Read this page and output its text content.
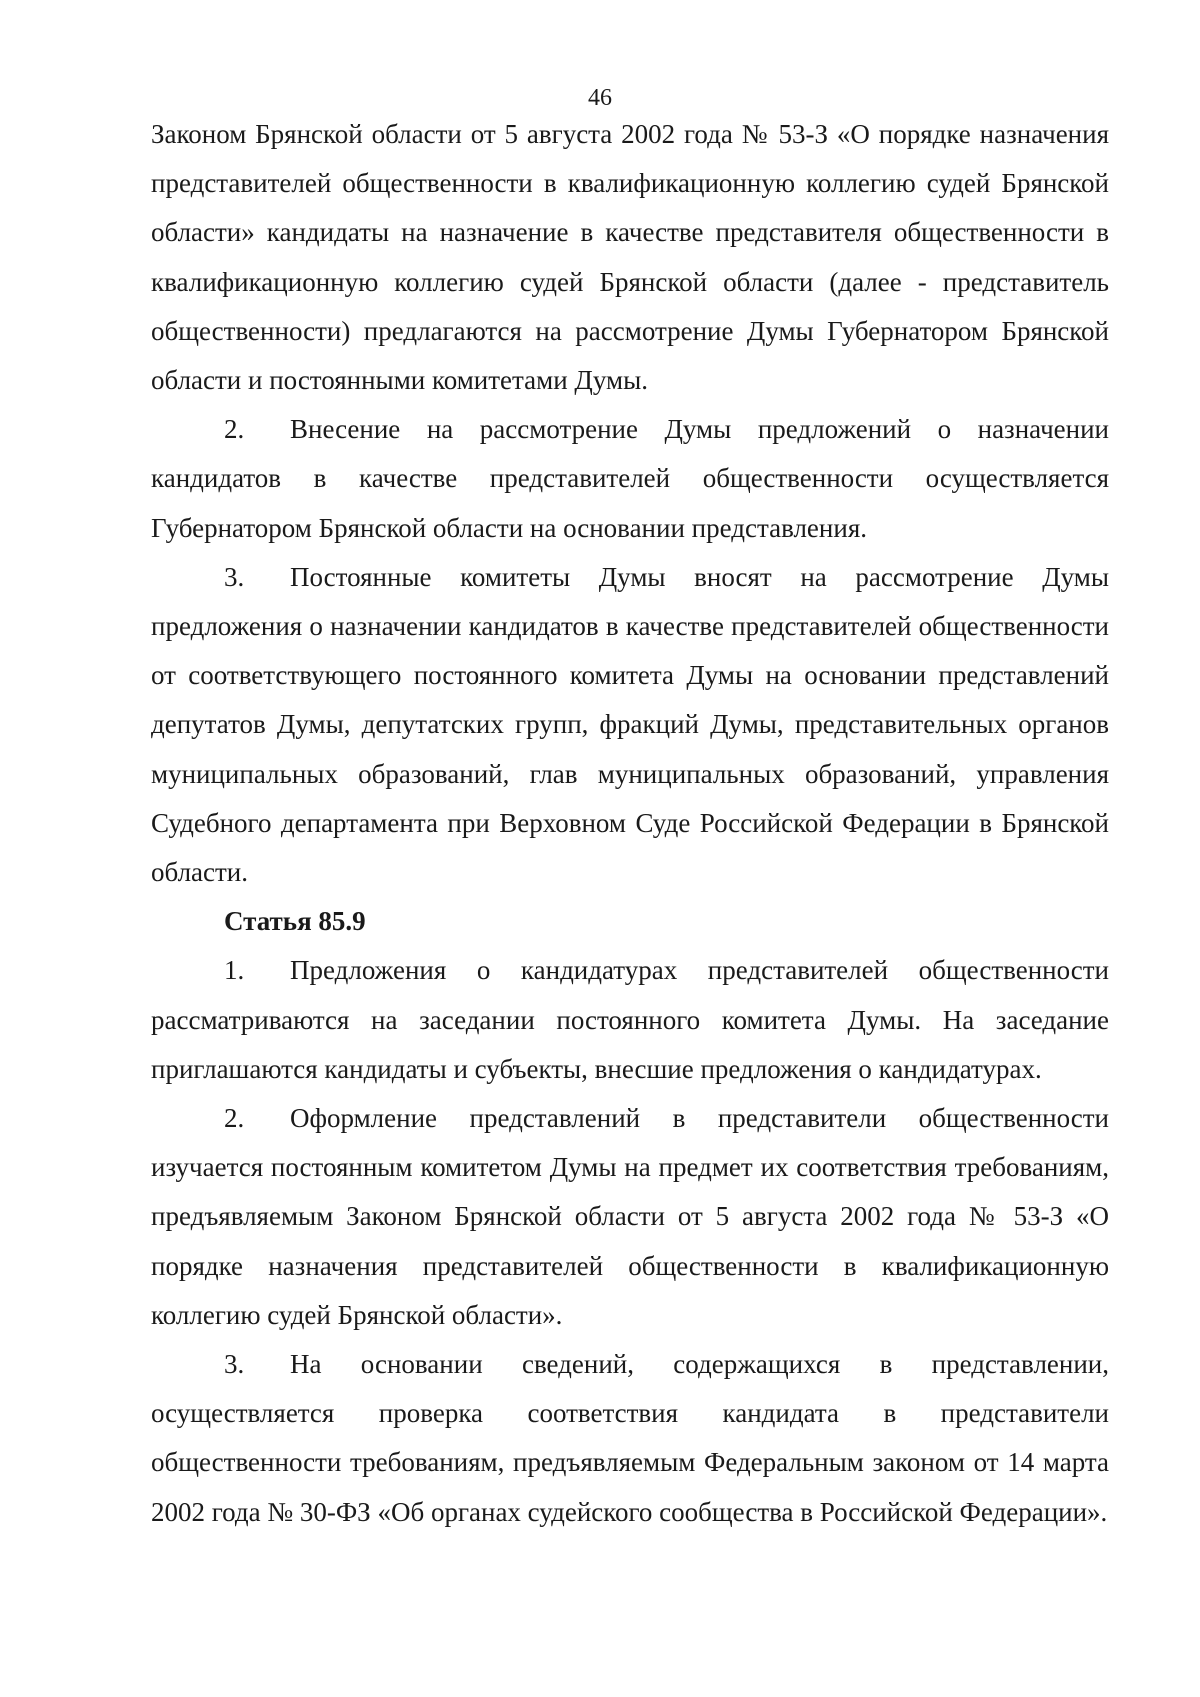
46

Законом Брянской области от 5 августа 2002 года № 53-З «О порядке назначения представителей общественности в квалификационную коллегию судей Брянской области» кандидаты на назначение в качестве представителя общественности в квалификационную коллегию судей Брянской области (далее - представитель общественности) предлагаются на рассмотрение Думы Губернатором Брянской области и постоянными комитетами Думы.

2. Внесение на рассмотрение Думы предложений о назначении кандидатов в качестве представителей общественности осуществляется Губернатором Брянской области на основании представления.

3. Постоянные комитеты Думы вносят на рассмотрение Думы предложения о назначении кандидатов в качестве представителей общественности от соответствующего постоянного комитета Думы на основании представлений депутатов Думы, депутатских групп, фракций Думы, представительных органов муниципальных образований, глав муниципальных образований, управления Судебного департамента при Верховном Суде Российской Федерации в Брянской области.

Статья 85.9

1. Предложения о кандидатурах представителей общественности рассматриваются на заседании постоянного комитета Думы. На заседание приглашаются кандидаты и субъекты, внесшие предложения о кандидатурах.

2. Оформление представлений в представители общественности изучается постоянным комитетом Думы на предмет их соответствия требованиям, предъявляемым Законом Брянской области от 5 августа 2002 года № 53-З «О порядке назначения представителей общественности в квалификационную коллегию судей Брянской области».

3. На основании сведений, содержащихся в представлении, осуществляется проверка соответствия кандидата в представители общественности требованиям, предъявляемым Федеральным законом от 14 марта 2002 года № 30-ФЗ «Об органах судейского сообщества в Российской Федерации».
